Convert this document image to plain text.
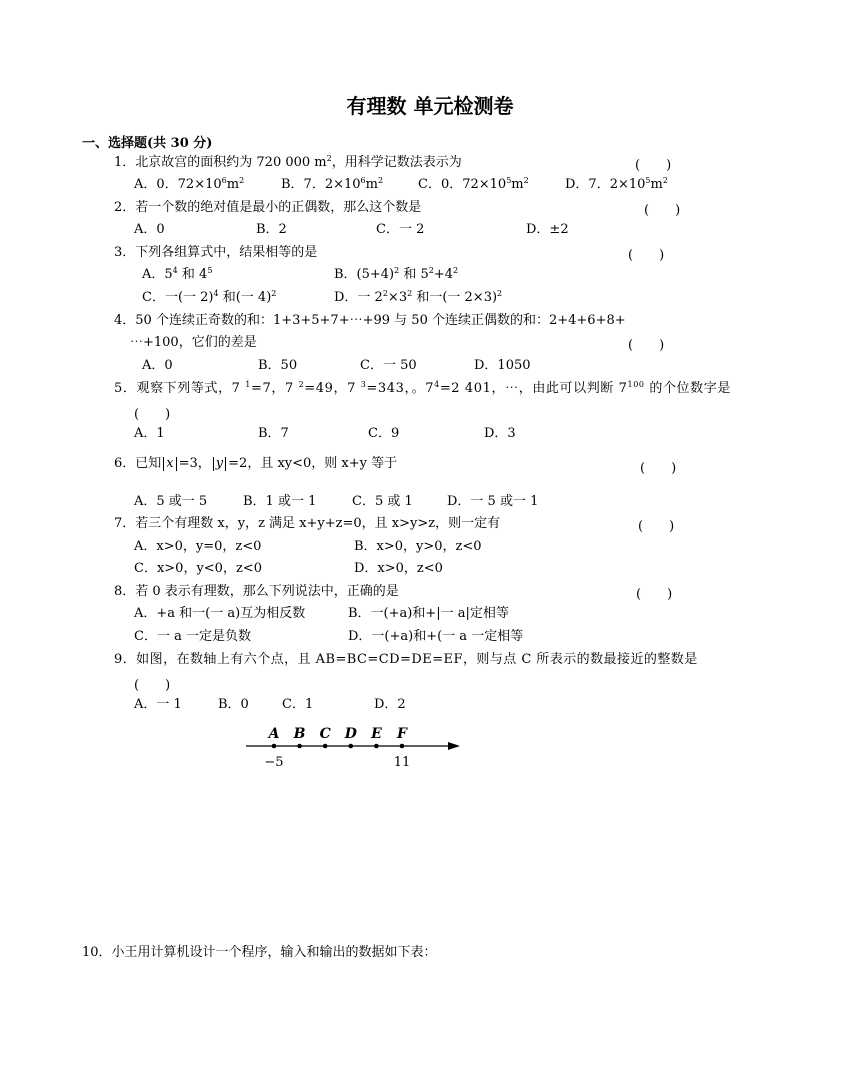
有理数 单元检测卷
一、选择题(共 30 分)
1．北京故宫的面积约为 720 000 $m^2$，用科学记数法表示为	(　　)
A．0．$72\times 10^6m^2$	B．7．$2\times 10^6m^2$	C．0．$72\times 10^5m^2$	D．7．$2\times 10^5m^2$
2．若一个数的绝对值是最小的正偶数，那么这个数是	(　　)
A．0	B．2	C．一 2	D．±2
3．下列各组算式中，结果相等的是	(　　)
A．$5^4$ 和 $4^5$	B．$(5+4)^2$ 和 $5^2+4^2$
C．一(一 2)$^4$ 和(一 4)$^2$	D．一 $2^2\times 3^2$ 和一(一 2×3)$^2$
4．50 个连续正奇数的和：1+3+5+7+⋯+99 与 50 个连续正偶数的和：2+4+6+8+
⋯+100，它们的差是	(　　)
A．0	B．50	C．一 50	D．1050
5．观察下列等式，7 $^1$=7，7 $^2$=49，7 $^3$=343，。$7^4=2$ 401，⋯，由此可以判断 $7^{100}$ 的个位数字是
(　　)
A．1	B．7	C．9	D．3
6．已知 x =3， y =2，且 xy<0，则 x+y 等于	(　　)
A．5 或一 5	B．1 或一 1	C．5 或 1	D．一 5 或一 1
7．若三个有理数 x，y，z 满足 x+y+z=0，且 x>y>z，则一定有	(　　)
A．x>0，y=0，z<0	B．x>0，y>0，z<0
C．x>0，y<0，z<0	D．x>0，z<0
8．若 0 表示有理数，那么下列说法中，正确的是	(　　)
A．+a 和一(一 a)互为相反数	B．一(+a)和+|一 a|定相等
C．一 a 一定是负数	D．一(+a)和+(一 a 一定相等
9．如图，在数轴上有六个点，且 AB=BC=CD=DE=EF，则与点 C 所表示的数最接近的整数是
(　　)
A．一 1	B．0	C．1	D．2
A B C D E F
−5	11
10．小王用计算机设计一个程序，输入和输出的数据如下表：
